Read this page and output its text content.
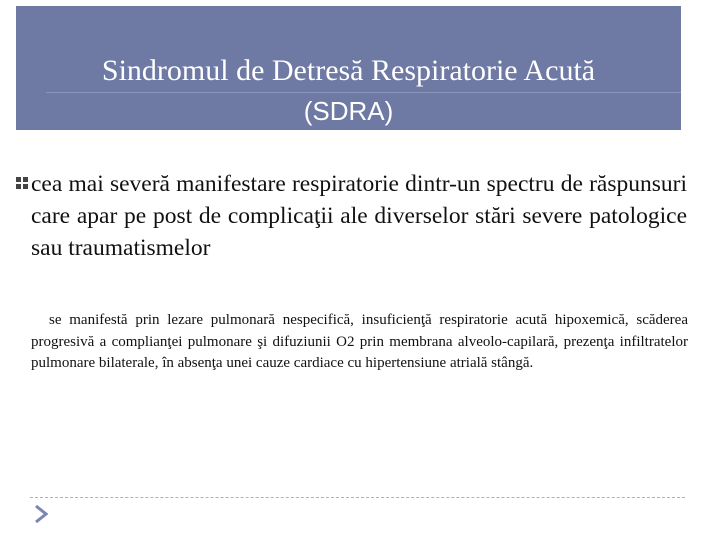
Sindromul de Detresă Respiratorie Acută
(SDRA)
cea mai severă manifestare respiratorie dintr-un spectru de răspunsuri care apar pe post de complicaţii ale diverselor stări severe patologice sau traumatismelor
se manifestă prin lezare pulmonară nespecifică, insuficienţă respiratorie acută hipoxemică, scăderea progresivă a complianţei pulmonare şi difuziunii O2 prin membrana alveolo-capilară, prezenţa infiltratelor pulmonare bilaterale, în absenţa unei cauze cardiace cu hipertensiune atrială stângă.
